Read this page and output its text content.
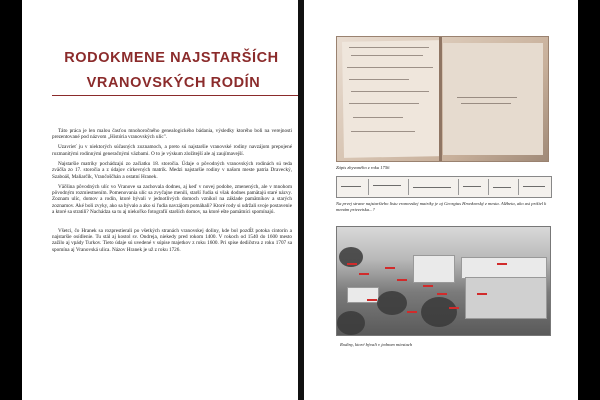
RODOKMENE NAJSTARŠÍCH
VRANOVSKÝCH RODÍN

Táto práca je len malou časťou mnohoročného genealogického bádania, výsledky ktorého boli na verejnosti prezentované pod názvom „História vranovských ulíc".

Uzavrieť ju v niektorých súčasných zoznamoch, a preto sú najstaršie vranovské rodiny navzájom prepojené rozmanitými rodinnými generačnými väzbami. O to je výskum zložitejší ale aj zaujímavejší.

Najstaršie matriky pochádzajú zo začiatku 18. storočia. Údaje o pôvodných vranovských rodinách sú teda zväčša zo 17. storočia a z údajov cirkevných matrík. Medzi najstaršie rodiny v našom meste patria Dravecký, Szaboáš, Maliarčík, Vrančoščhán a ostatní Hranek.

Väčšina pôvodných ulíc vo Vranove sa zachovala dodnes, aj keď v novej podobe, zmenených, ale v mnohom pôvodným rozmiestnením. Pomenovania ulíc sa zvyčajne menili, starší ľudia si však dodnes pamätajú staré názvy. Zoznam ulíc, domov a rodín, ktoré bývali v jednotlivých domoch vznikol na základe pamätníkov a starých zoznamov. Aké boli zvyky, ako sa bývalo a ako si ľudia navzájom pomáhali? Ktoré rody si udržali svoje postavenie a ktoré sa stratili? Nachádza sa tu aj niekoľko fotografií starších domov, na ktoré ešte pamätníci spomínajú.

Všetci, čo Hranek sa rozprestierali po všetkých stranách vranovskej doliny, kde bol pozdĺž potoka cintorín a najstaršie osídlenie. Tu stál aj kostol sv. Ondreja, niekedy pred rokom 1400. V rokoch od 1540 do 1600 mesto zažilo aj vpády Turkov. Tieto údaje sú uvedené v súpise majetkov z roku 1600. Pri spise dedičstva z roku 1707 sa spomína aj Vranovská ulica. Názov Hranek je už z roku 1726.

Zápis zbyvaného z roku 1756
Na prvej strane najstaršieho listu vranovskej matriky je aj Georgius Hronkovský z mesta. Alžbeta, ako asi prišiel k menám priezviska...?
Rodiny, ktoré bývali v jednom miestach
